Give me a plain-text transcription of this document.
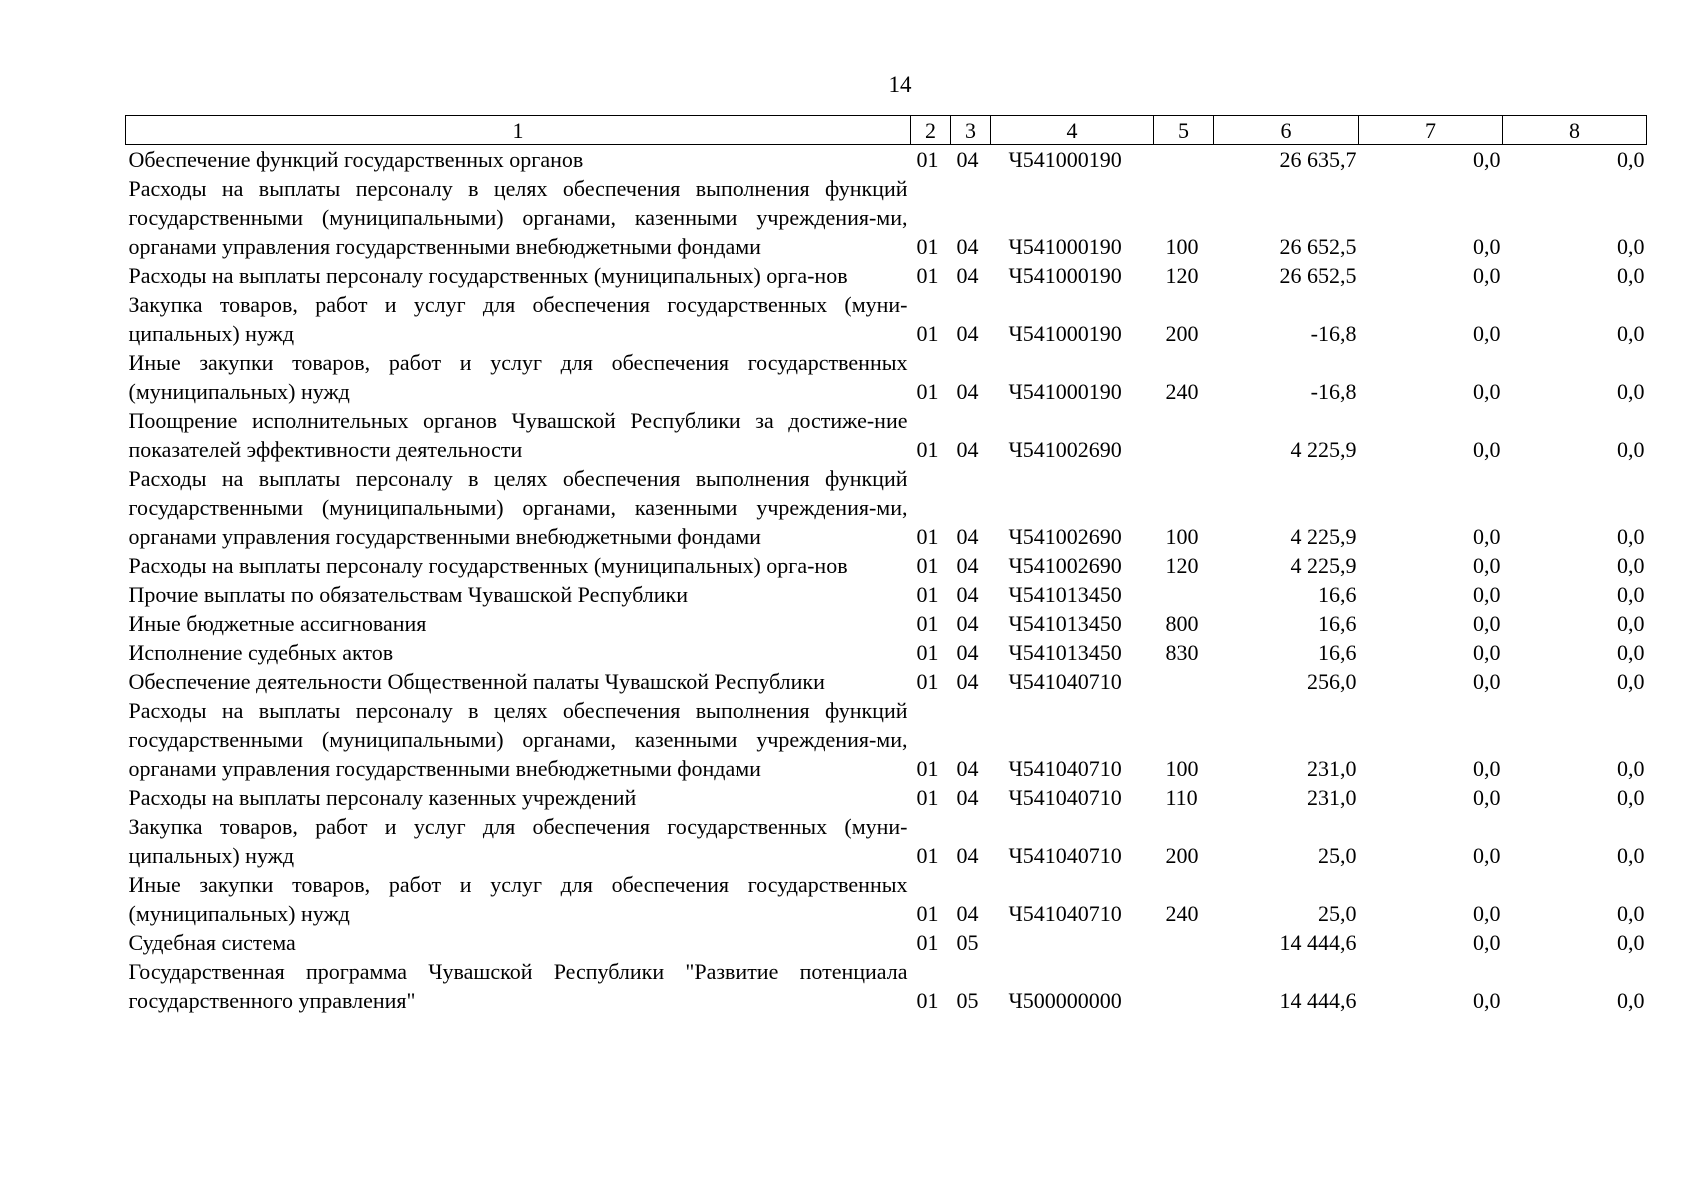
14
1	2	3	4	5	6	7	8
Обеспечение функций государственных органов	01	04	Ч541000190		26 635,7	0,0	0,0
Расходы на выплаты персоналу в целях обеспечения выполнения функций государственными (муниципальными) органами, казенными учреждения-ми, органами управления государственными внебюджетными фондами	01	04	Ч541000190	100	26 652,5	0,0	0,0
Расходы на выплаты персоналу государственных (муниципальных) орга-нов	01	04	Ч541000190	120	26 652,5	0,0	0,0
Закупка товаров, работ и услуг для обеспечения государственных (муни-ципальных) нужд	01	04	Ч541000190	200	-16,8	0,0	0,0
Иные закупки товаров, работ и услуг для обеспечения государственных (муниципальных) нужд	01	04	Ч541000190	240	-16,8	0,0	0,0
Поощрение исполнительных органов Чувашской Республики за достиже-ние показателей эффективности деятельности	01	04	Ч541002690		4 225,9	0,0	0,0
Расходы на выплаты персоналу в целях обеспечения выполнения функций государственными (муниципальными) органами, казенными учреждения-ми, органами управления государственными внебюджетными фондами	01	04	Ч541002690	100	4 225,9	0,0	0,0
Расходы на выплаты персоналу государственных (муниципальных) орга-нов	01	04	Ч541002690	120	4 225,9	0,0	0,0
Прочие выплаты по обязательствам Чувашской Республики	01	04	Ч541013450		16,6	0,0	0,0
Иные бюджетные ассигнования	01	04	Ч541013450	800	16,6	0,0	0,0
Исполнение судебных актов	01	04	Ч541013450	830	16,6	0,0	0,0
Обеспечение деятельности Общественной палаты Чувашской Республики	01	04	Ч541040710		256,0	0,0	0,0
Расходы на выплаты персоналу в целях обеспечения выполнения функций государственными (муниципальными) органами, казенными учреждения-ми, органами управления государственными внебюджетными фондами	01	04	Ч541040710	100	231,0	0,0	0,0
Расходы на выплаты персоналу казенных учреждений	01	04	Ч541040710	110	231,0	0,0	0,0
Закупка товаров, работ и услуг для обеспечения государственных (муни-ципальных) нужд	01	04	Ч541040710	200	25,0	0,0	0,0
Иные закупки товаров, работ и услуг для обеспечения государственных (муниципальных) нужд	01	04	Ч541040710	240	25,0	0,0	0,0
Судебная система	01	05			14 444,6	0,0	0,0
Государственная программа Чувашской Республики "Развитие потенциала государственного управления"	01	05	Ч500000000		14 444,6	0,0	0,0
